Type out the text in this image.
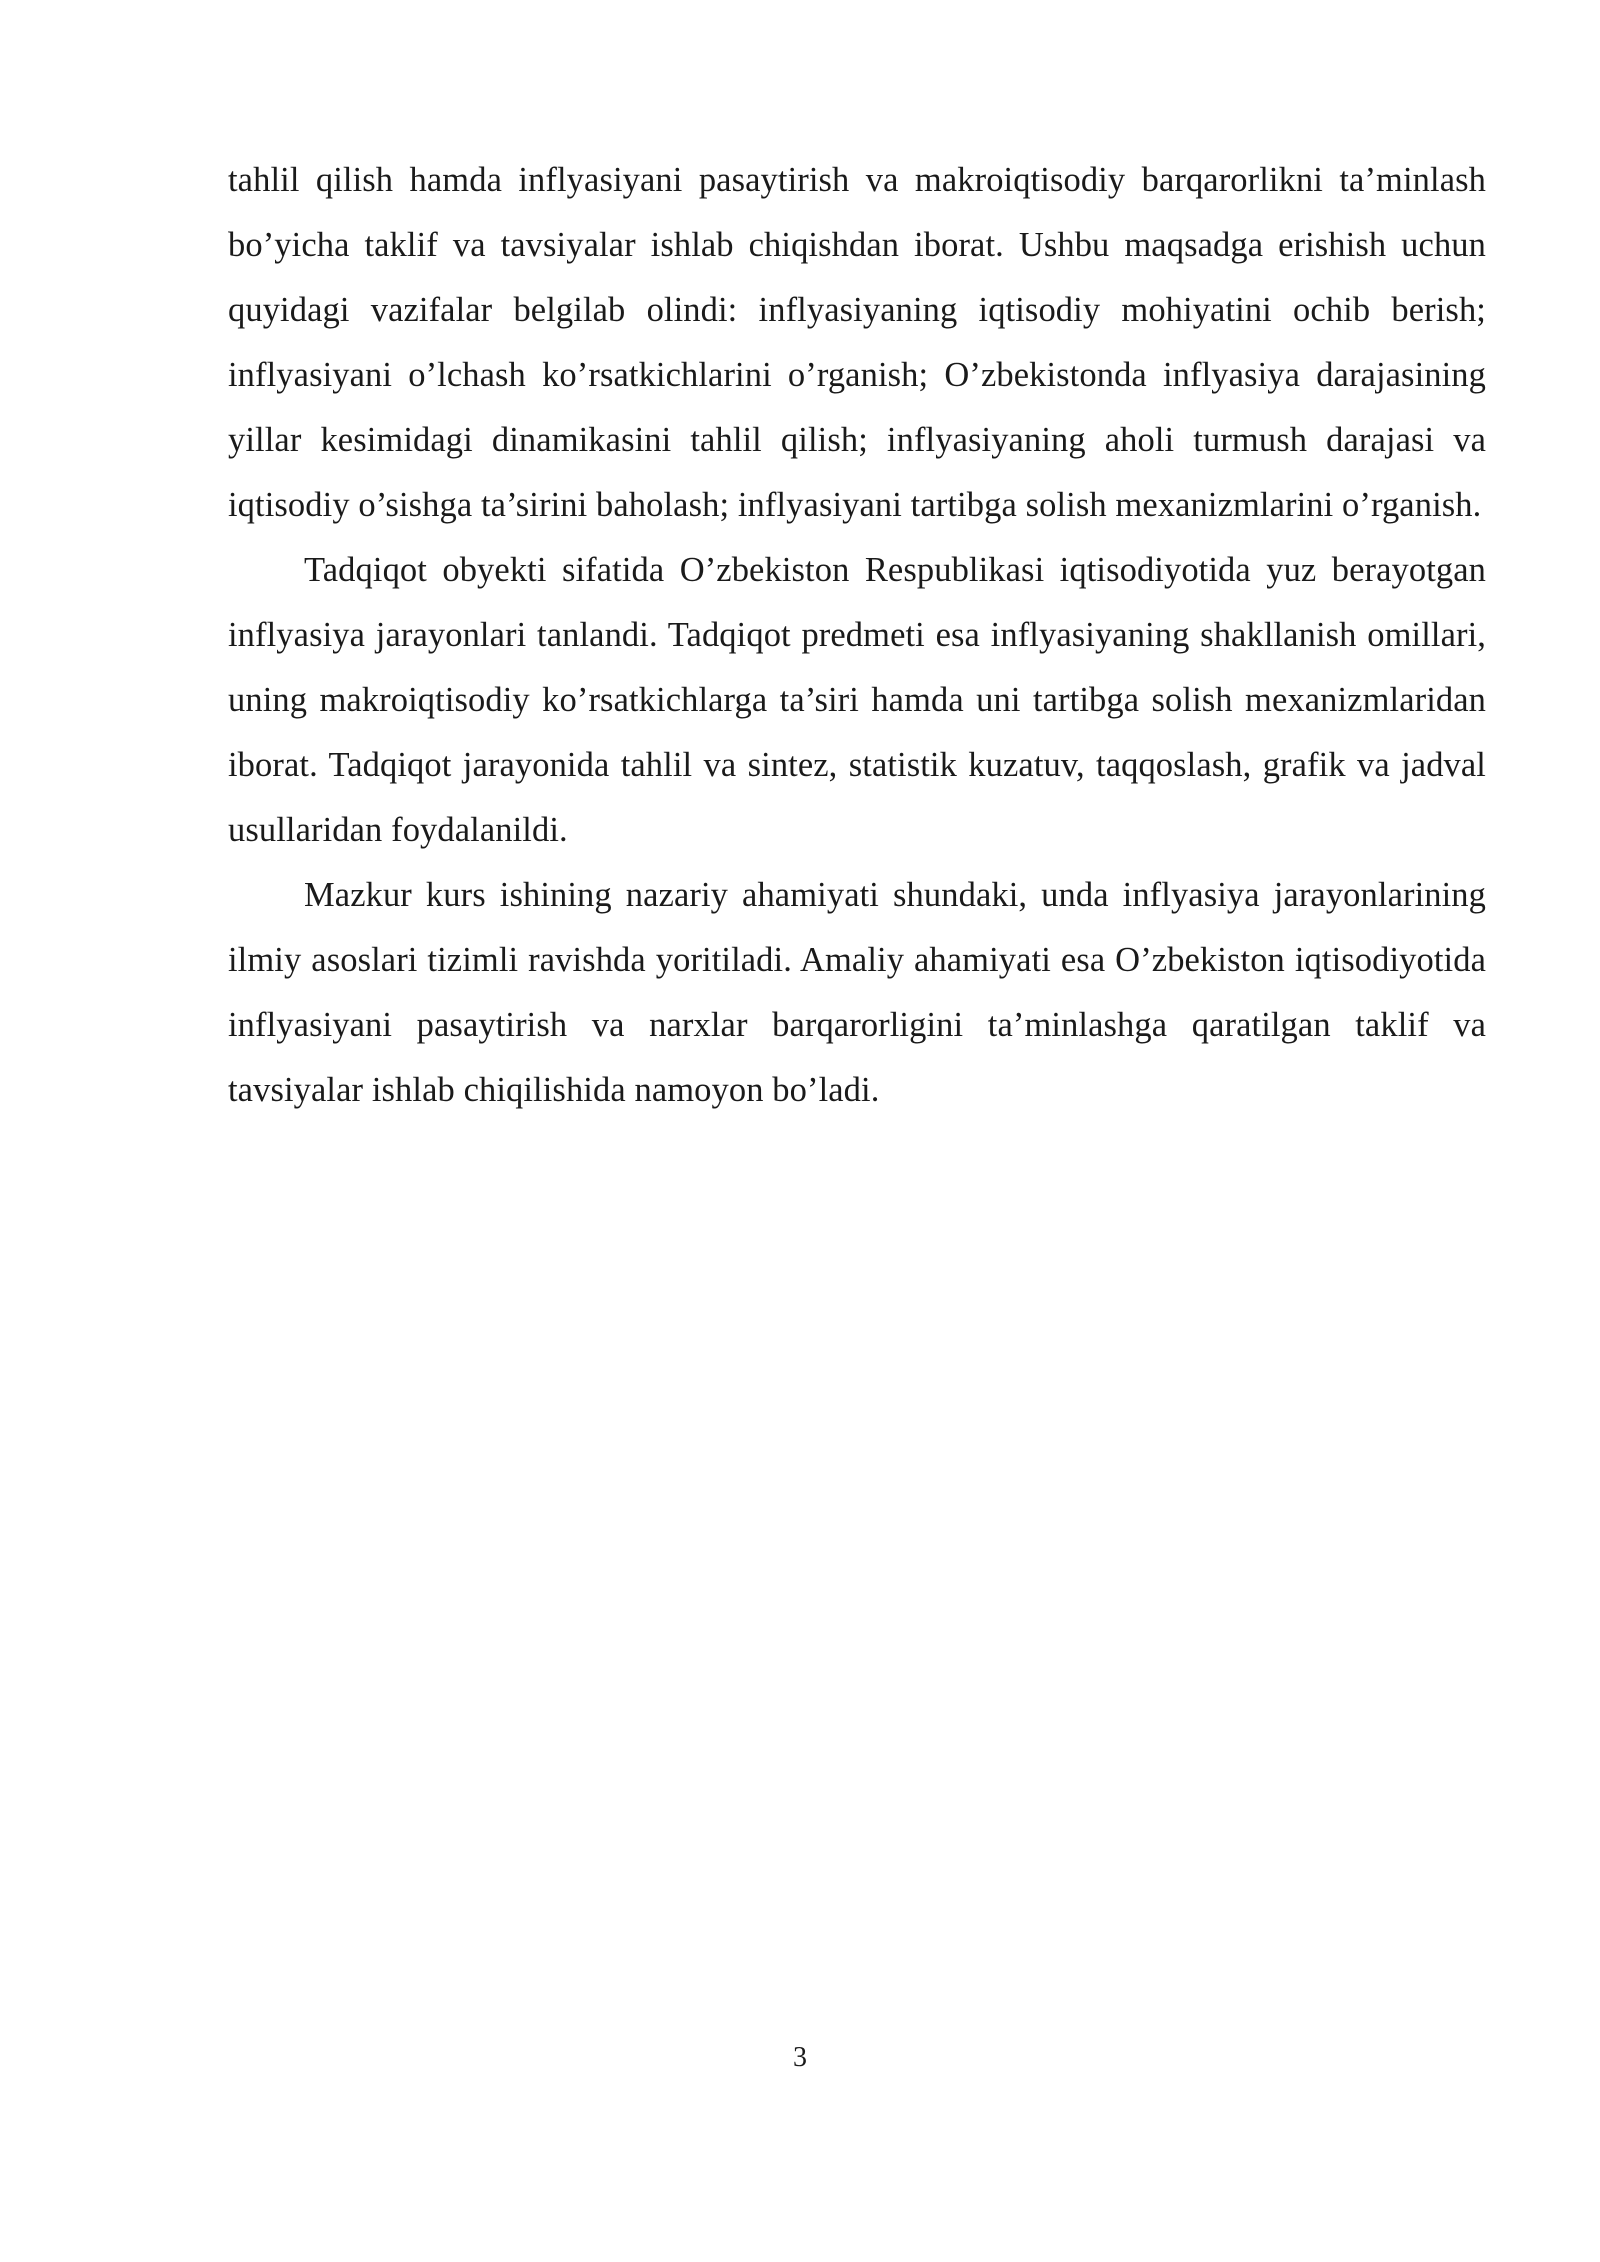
tahlil qilish hamda inflyasiyani pasaytirish va makroiqtisodiy barqarorlikni ta’minlash bo’yicha taklif va tavsiyalar ishlab chiqishdan iborat. Ushbu maqsadga erishish uchun quyidagi vazifalar belgilab olindi: inflyasiyaning iqtisodiy mohiyatini ochib berish; inflyasiyani o’lchash ko’rsatkichlarini o’rganish; O’zbekistonda inflyasiya darajasining yillar kesimidagi dinamikasini tahlil qilish; inflyasiyaning aholi turmush darajasi va iqtisodiy o’sishga ta’sirini baholash; inflyasiyani tartibga solish mexanizmlarini o’rganish.

Tadqiqot obyekti sifatida O’zbekiston Respublikasi iqtisodiyotida yuz berayotgan inflyasiya jarayonlari tanlandi. Tadqiqot predmeti esa inflyasiyaning shakllanish omillari, uning makroiqtisodiy ko’rsatkichlarga ta’siri hamda uni tartibga solish mexanizmlaridan iborat. Tadqiqot jarayonida tahlil va sintez, statistik kuzatuv, taqqoslash, grafik va jadval usullaridan foydalanildi.

Mazkur kurs ishining nazariy ahamiyati shundaki, unda inflyasiya jarayonlarining ilmiy asoslari tizimli ravishda yoritiladi. Amaliy ahamiyati esa O’zbekiston iqtisodiyotida inflyasiyani pasaytirish va narxlar barqarorligini ta’minlashga qaratilgan taklif va tavsiyalar ishlab chiqilishida namoyon bo’ladi.

3
